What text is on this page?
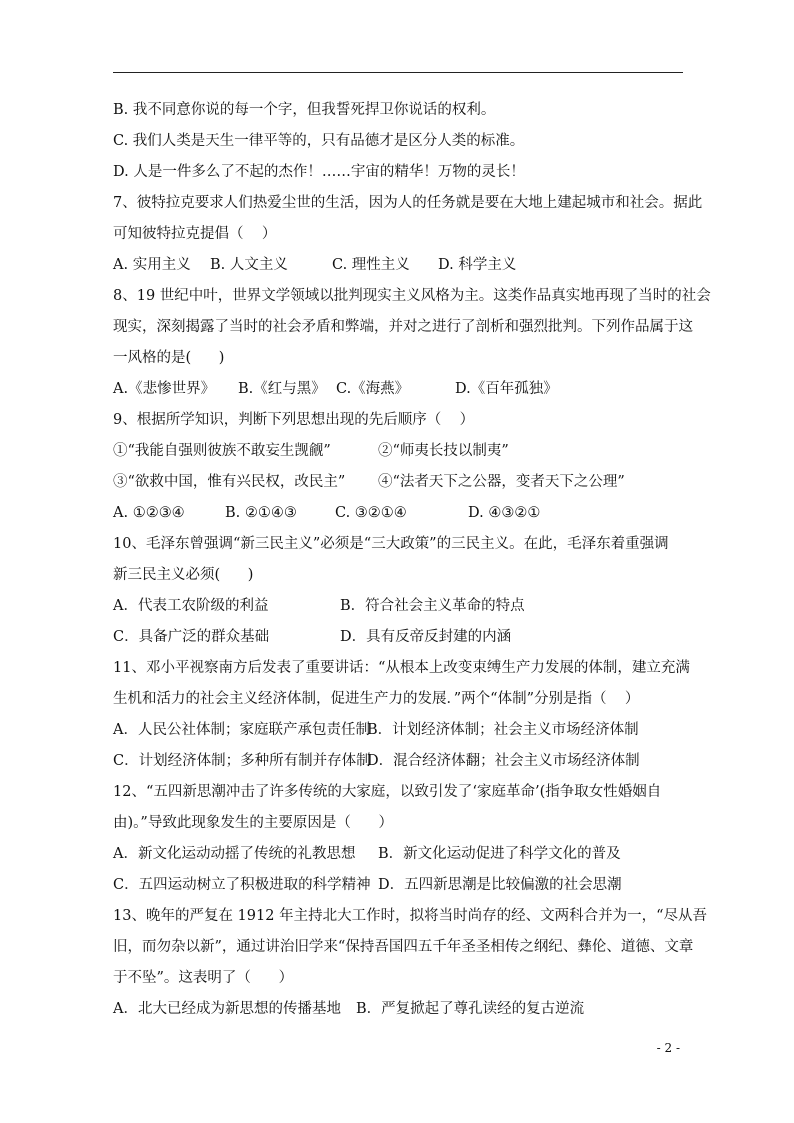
B. 我不同意你说的每一个字，但我誓死捍卫你说话的权利。
C. 我们人类是天生一律平等的，只有品德才是区分人类的标准。
D. 人是一件多么了不起的杰作！……宇宙的精华！万物的灵长！
7、彼特拉克要求人们热爱尘世的生活，因为人的任务就是要在大地上建起城市和社会。据此
可知彼特拉克提倡（    ）
A. 实用主义	B. 人文主义	C. 理性主义	D. 科学主义
8、19 世纪中叶，世界文学领域以批判现实主义风格为主。这类作品真实地再现了当时的社会
现实，深刻揭露了当时的社会矛盾和弊端，并对之进行了剖析和强烈批判。下列作品属于这
一风格的是(      )
A.《悲惨世界》	B.《红与黑》 C.《海燕》	D.《百年孤独》
9、根据所学知识，判断下列思想出现的先后顺序（    ）
①“我能自强则彼族不敢妄生觊觎”	②“师夷长技以制夷”
③“欲救中国，惟有兴民权，改民主”	④“法者天下之公器，变者天下之公理”
A. ①②③④	B. ②①④③	C. ③②①④	D. ④③②①
10、毛泽东曾强调“新三民主义”必须是“三大政策”的三民主义。在此，毛泽东着重强调
新三民主义必须(      )
A．代表工农阶级的利益	B．符合社会主义革命的特点
C．具备广泛的群众基础	D．具有反帝反封建的内涵
11、邓小平视察南方后发表了重要讲话：“从根本上改变束缚生产力发展的体制，建立充满
生机和活力的社会主义经济体制，促进生产力的发展．”两个“体制”分别是指（    ）
A．人民公社体制；家庭联产承包责任制
B．计划经济体制；社会主义市场经济体制
C．计划经济体制；多种所有制并存体制
D．混合经济体翻；社会主义市场经济体制
12、“五四新思潮冲击了许多传统的大家庭，以致引发了‘家庭革命’(指争取女性婚姻自
由)。”导致此现象发生的主要原因是（      ）
A．新文化运动动摇了传统的礼教思想	B．新文化运动促进了科学文化的普及
C．五四运动树立了积极进取的科学精神 D．五四新思潮是比较偏激的社会思潮
13、晚年的严复在 1912 年主持北大工作时，拟将当时尚存的经、文两科合并为一，“尽从吾
旧，而勿杂以新”，通过讲治旧学来“保持吾国四五千年圣圣相传之纲纪、彝伦、道德、文章
于不坠”。这表明了（      ）
A．北大已经成为新思想的传播基地	B．严复掀起了尊孔读经的复古逆流
- 2 -
